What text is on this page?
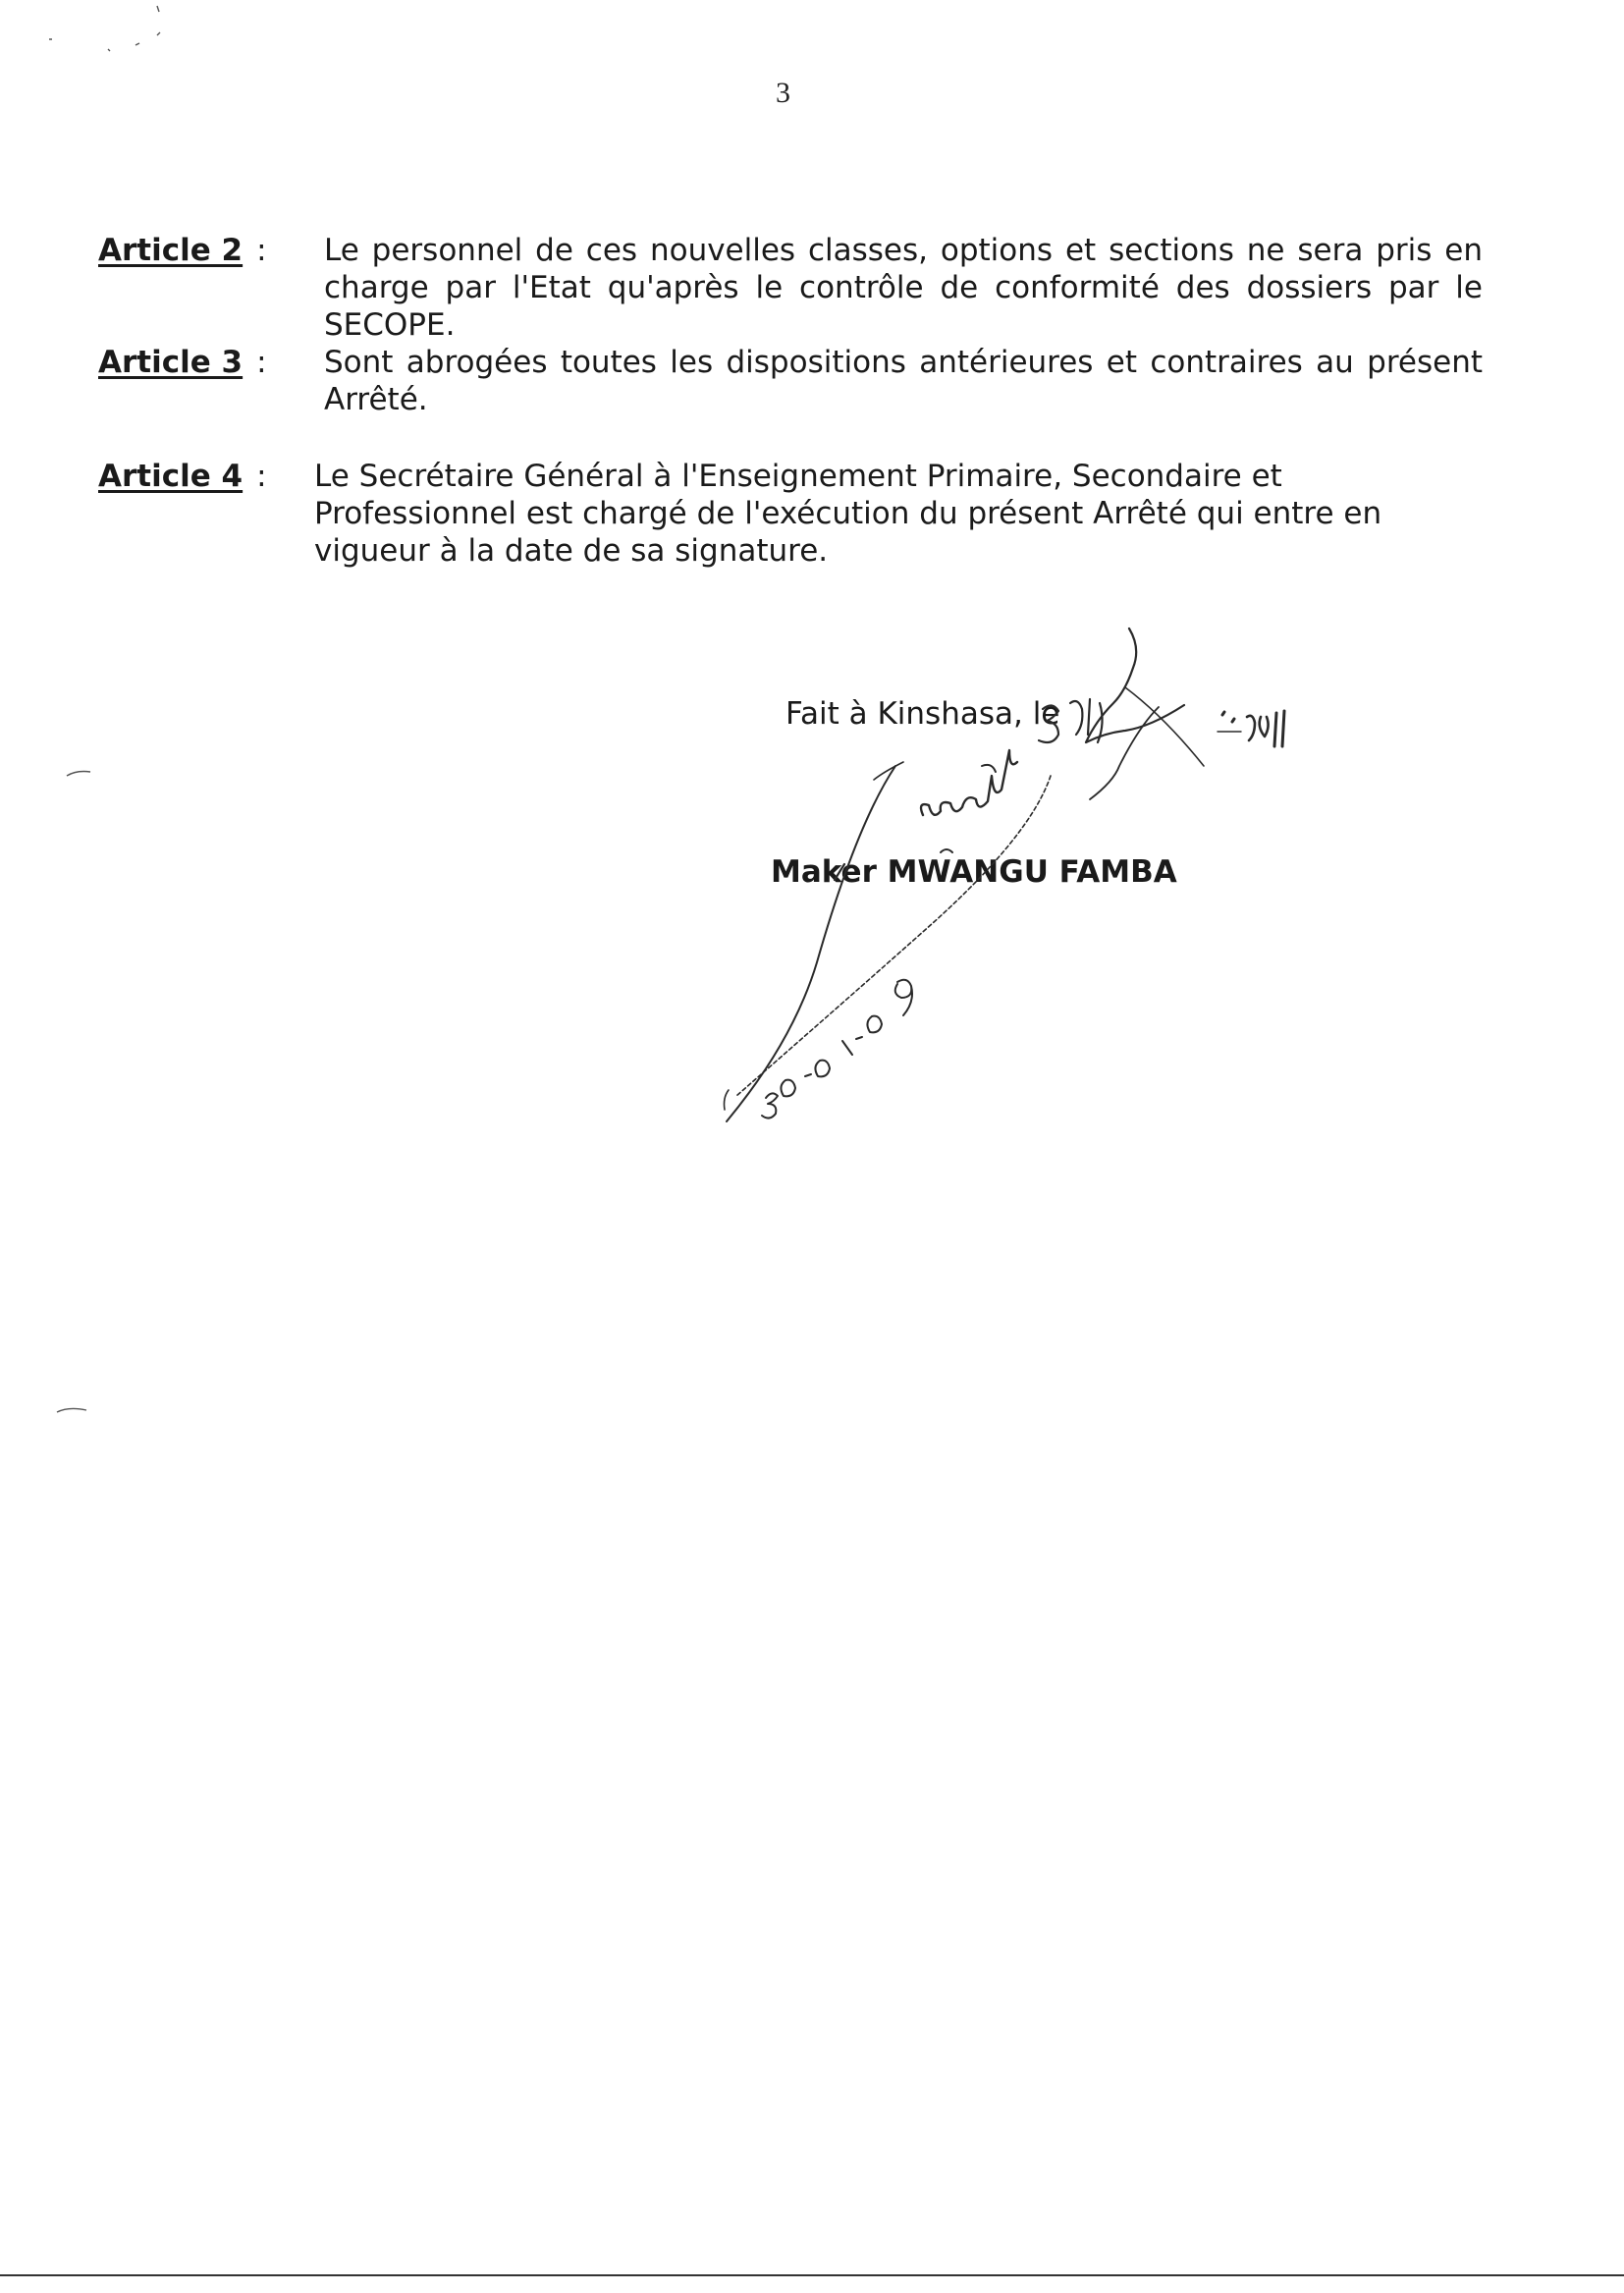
3
Article 2 :	Le personnel de ces nouvelles classes, options et sections ne sera pris en charge par l'Etat qu'après le contrôle de conformité des dossiers par le SECOPE.
Article 3 :	Sont abrogées toutes les dispositions antérieures et contraires au présent Arrêté.
Article 4 :	Le Secrétaire Général à l'Enseignement Primaire, Secondaire et Professionnel est chargé de l'exécution du présent Arrêté qui entre en vigueur à la date de sa signature.
Fait à Kinshasa, le
Maker MWANGU FAMBA
